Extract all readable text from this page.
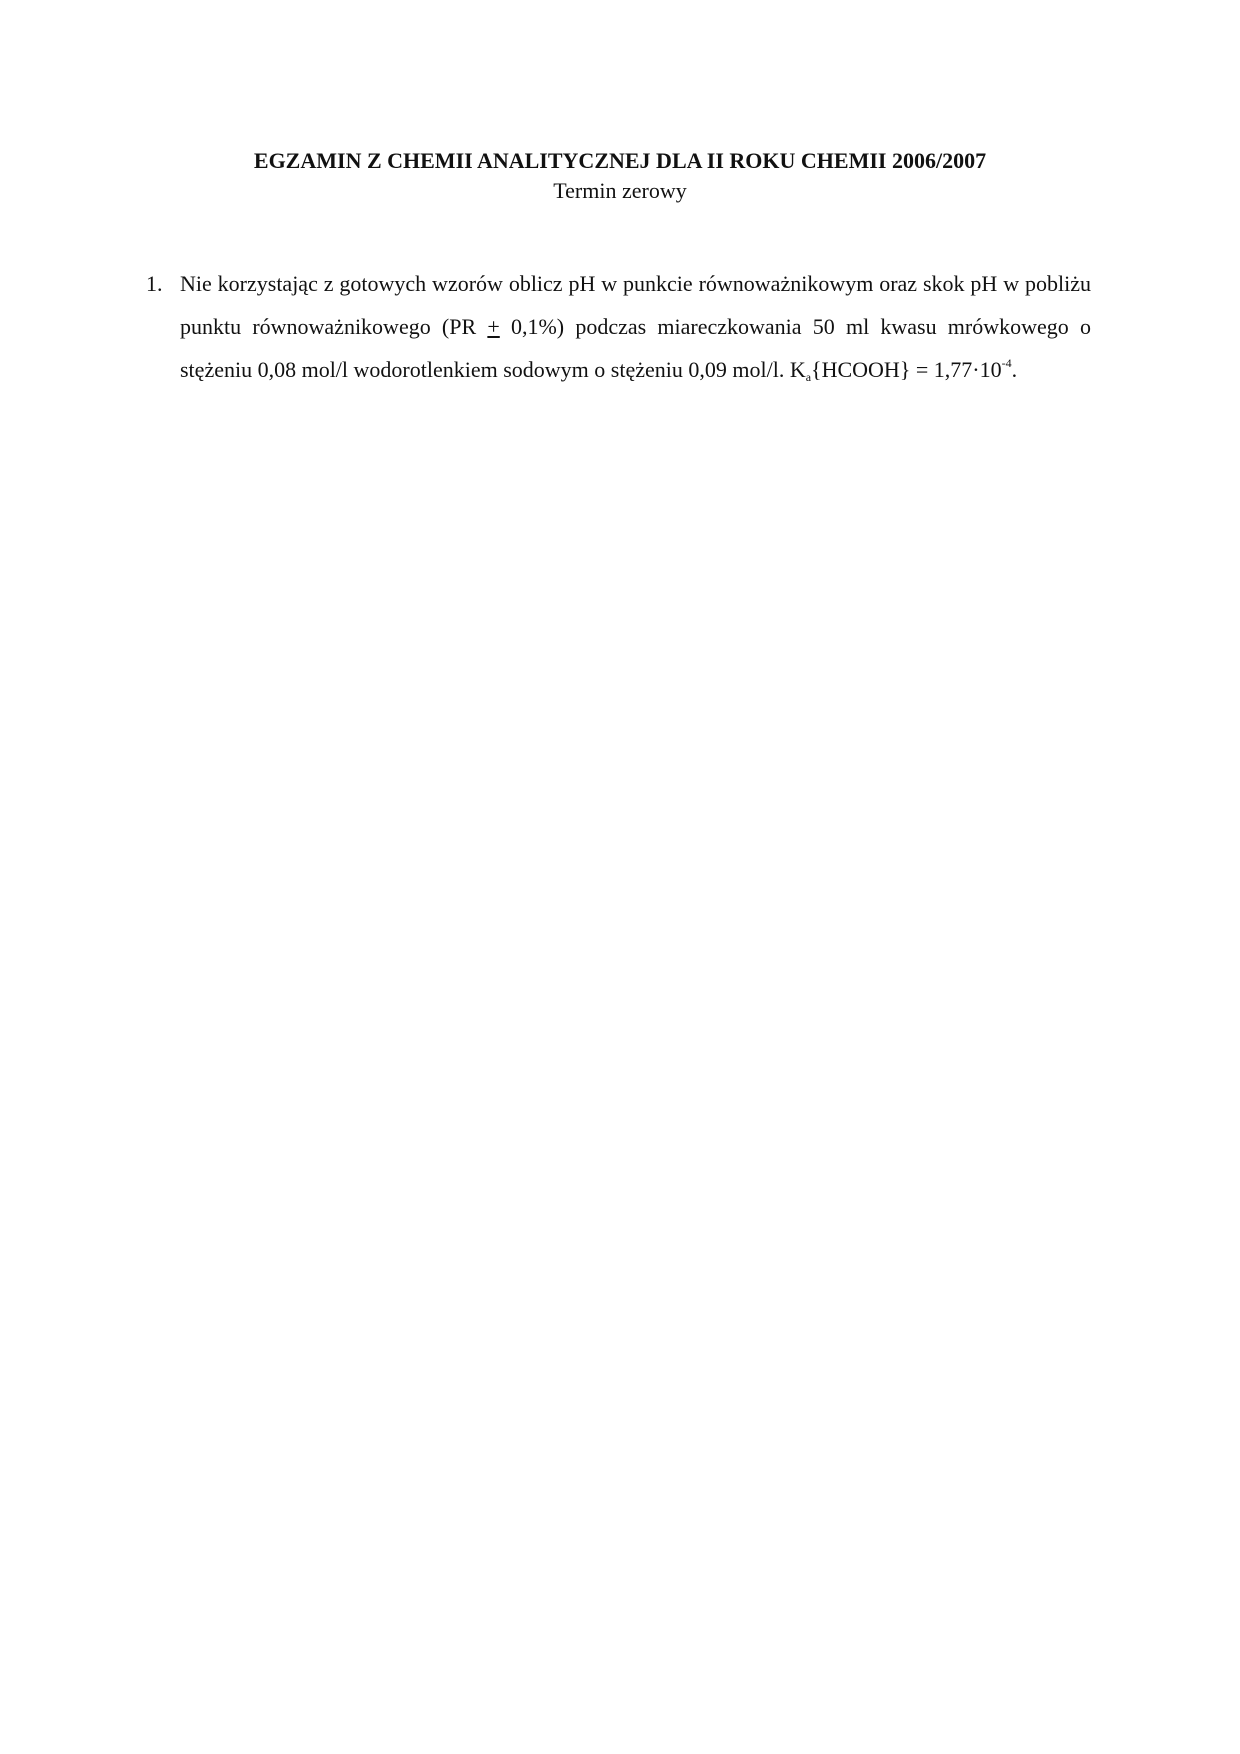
EGZAMIN Z CHEMII ANALITYCZNEJ DLA II ROKU CHEMII 2006/2007

Termin zerowy

1. Nie korzystając z gotowych wzorów oblicz pH w punkcie równoważnikowym oraz skok pH w pobliżu punktu równoważnikowego (PR + 0,1%) podczas miareczkowania 50 ml kwasu mrówkowego o stężeniu 0,08 mol/l wodorotlenkiem sodowym o stężeniu 0,09 mol/l. $K_a\{HCOOH\} = 1,77\cdot 10^{-4}$.
